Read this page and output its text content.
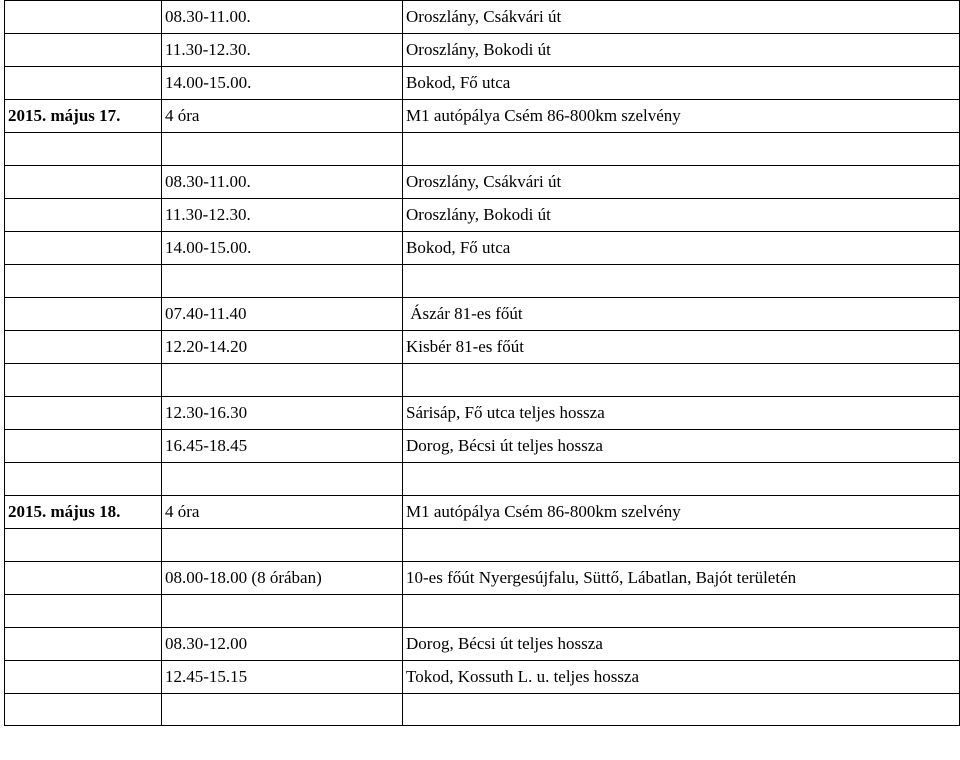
	08.30-11.00.	Oroszlány, Csákvári út
	11.30-12.30.	Oroszlány, Bokodi út
	14.00-15.00.	Bokod, Fő utca
2015. május 17.	4 óra	M1 autópálya Csém 86-800km szelvény

	08.30-11.00.	Oroszlány, Csákvári út
	11.30-12.30.	Oroszlány, Bokodi út
	14.00-15.00.	Bokod, Fő utca

	07.40-11.40	Ászár 81-es főút
	12.20-14.20	Kisbér 81-es főút

	12.30-16.30	Sárisáp, Fő utca teljes hossza
	16.45-18.45	Dorog, Bécsi út teljes hossza

2015. május 18.	4 óra	M1 autópálya Csém 86-800km szelvény

	08.00-18.00 (8 órában)	10-es főút Nyergesújfalu, Süttő, Lábatlan, Bajót területén

	08.30-12.00	Dorog, Bécsi út teljes hossza
	12.45-15.15	Tokod, Kossuth L. u. teljes hossza
